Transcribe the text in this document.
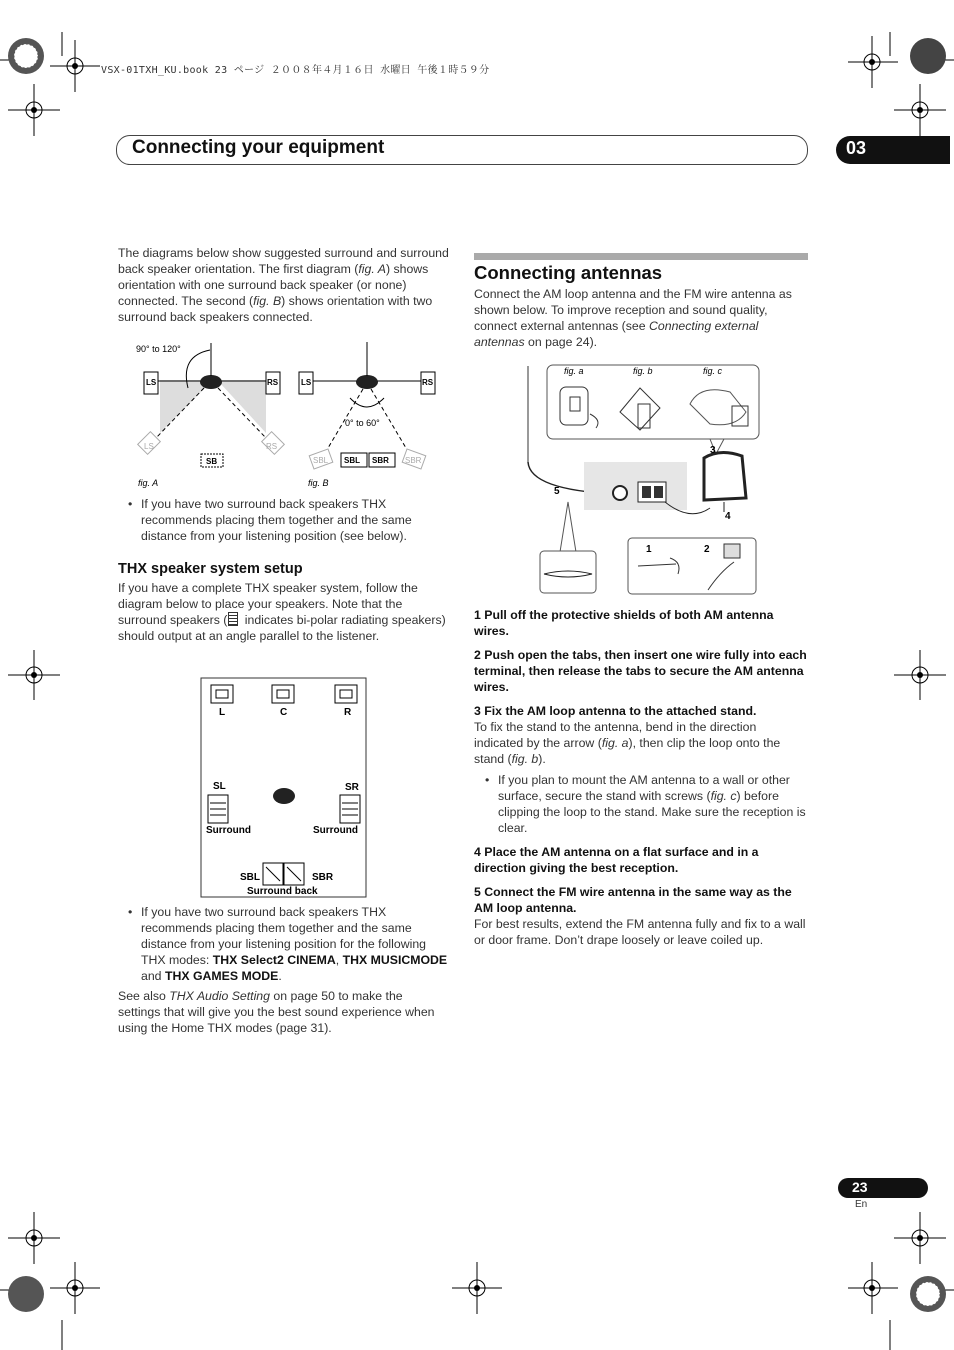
VSX-01TXH_KU.book 23 ページ ２００８年４月１６日 水曜日 午後１時５９分
Connecting your equipment	03

The diagrams below show suggested surround and surround back speaker orientation. The first diagram (fig. A) shows orientation with one surround back speaker (or none) connected. The second (fig. B) shows orientation with two surround back speakers connected.

LS	RS
90° to 120°
LS	RS
SB
fig. A
LS	RS
0° to 60°
SBL	SBR
SBL SBR
fig. B
• If you have two surround back speakers THX recommends placing them together and the same distance from your listening position (see below).

THX speaker system setup

If you have a complete THX speaker system, follow the diagram below to place your speakers. Note that the surround speakers ( indicates bi-polar radiating speakers) should output at an angle parallel to the listener.

L	C	R
SL	SR
Surround	Surround
SBL	SBR
Surround back
• If you have two surround back speakers THX recommends placing them together and the same distance from your listening position for the following THX modes: THX Select2 CINEMA, THX MUSICMODE and THX GAMES MODE.

See also THX Audio Setting on page 50 to make the settings that will give you the best sound experience when using the Home THX modes (page 31).

Connecting antennas

Connect the AM loop antenna and the FM wire antenna as shown below. To improve reception and sound quality, connect external antennas (see Connecting external antennas on page 24).

fig. a	fig. b	fig. c
3
4
5
1	2

1 Pull off the protective shields of both AM antenna wires.

2 Push open the tabs, then insert one wire fully into each terminal, then release the tabs to secure the AM antenna wires.

3 Fix the AM loop antenna to the attached stand.

To fix the stand to the antenna, bend in the direction indicated by the arrow (fig. a), then clip the loop onto the stand (fig. b).

• If you plan to mount the AM antenna to a wall or other surface, secure the stand with screws (fig. c) before clipping the loop to the stand. Make sure the reception is clear.

4 Place the AM antenna on a flat surface and in a direction giving the best reception.

5 Connect the FM wire antenna in the same way as the AM loop antenna.

For best results, extend the FM antenna fully and fix to a wall or door frame. Don’t drape loosely or leave coiled up.

23
En
